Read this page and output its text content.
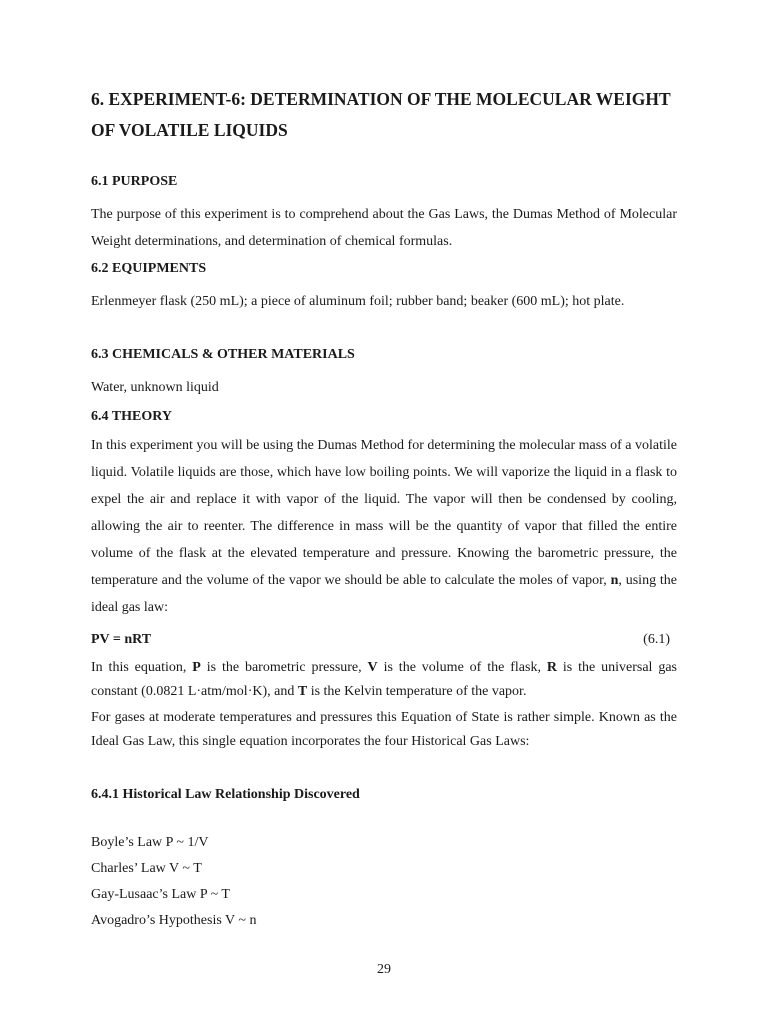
6. EXPERIMENT-6: DETERMINATION OF THE MOLECULAR WEIGHT OF VOLATILE LIQUIDS
6.1 PURPOSE

The purpose of this experiment is to comprehend about the Gas Laws, the Dumas Method of Molecular Weight determinations, and determination of chemical formulas.

6.2 EQUIPMENTS

Erlenmeyer flask (250 mL); a piece of aluminum foil; rubber band; beaker (600 mL); hot plate.

6.3 CHEMICALS & OTHER MATERIALS

Water, unknown liquid

6.4 THEORY

In this experiment you will be using the Dumas Method for determining the molecular mass of a volatile liquid. Volatile liquids are those, which have low boiling points. We will vaporize the liquid in a flask to expel the air and replace it with vapor of the liquid. The vapor will then be condensed by cooling, allowing the air to reenter. The difference in mass will be the quantity of vapor that filled the entire volume of the flask at the elevated temperature and pressure. Knowing the barometric pressure, the temperature and the volume of the vapor we should be able to calculate the moles of vapor, n, using the ideal gas law:

PV = nRT	(6.1)

In this equation, P is the barometric pressure, V is the volume of the flask, R is the universal gas constant (0.0821 L·atm/mol·K), and T is the Kelvin temperature of the vapor.

For gases at moderate temperatures and pressures this Equation of State is rather simple. Known as the Ideal Gas Law, this single equation incorporates the four Historical Gas Laws:

6.4.1 Historical Law Relationship Discovered

Boyle’s Law P ~ 1/V

Charles’ Law V ~ T

Gay-Lusaac’s Law P ~ T

Avogadro’s Hypothesis V ~ n

29
